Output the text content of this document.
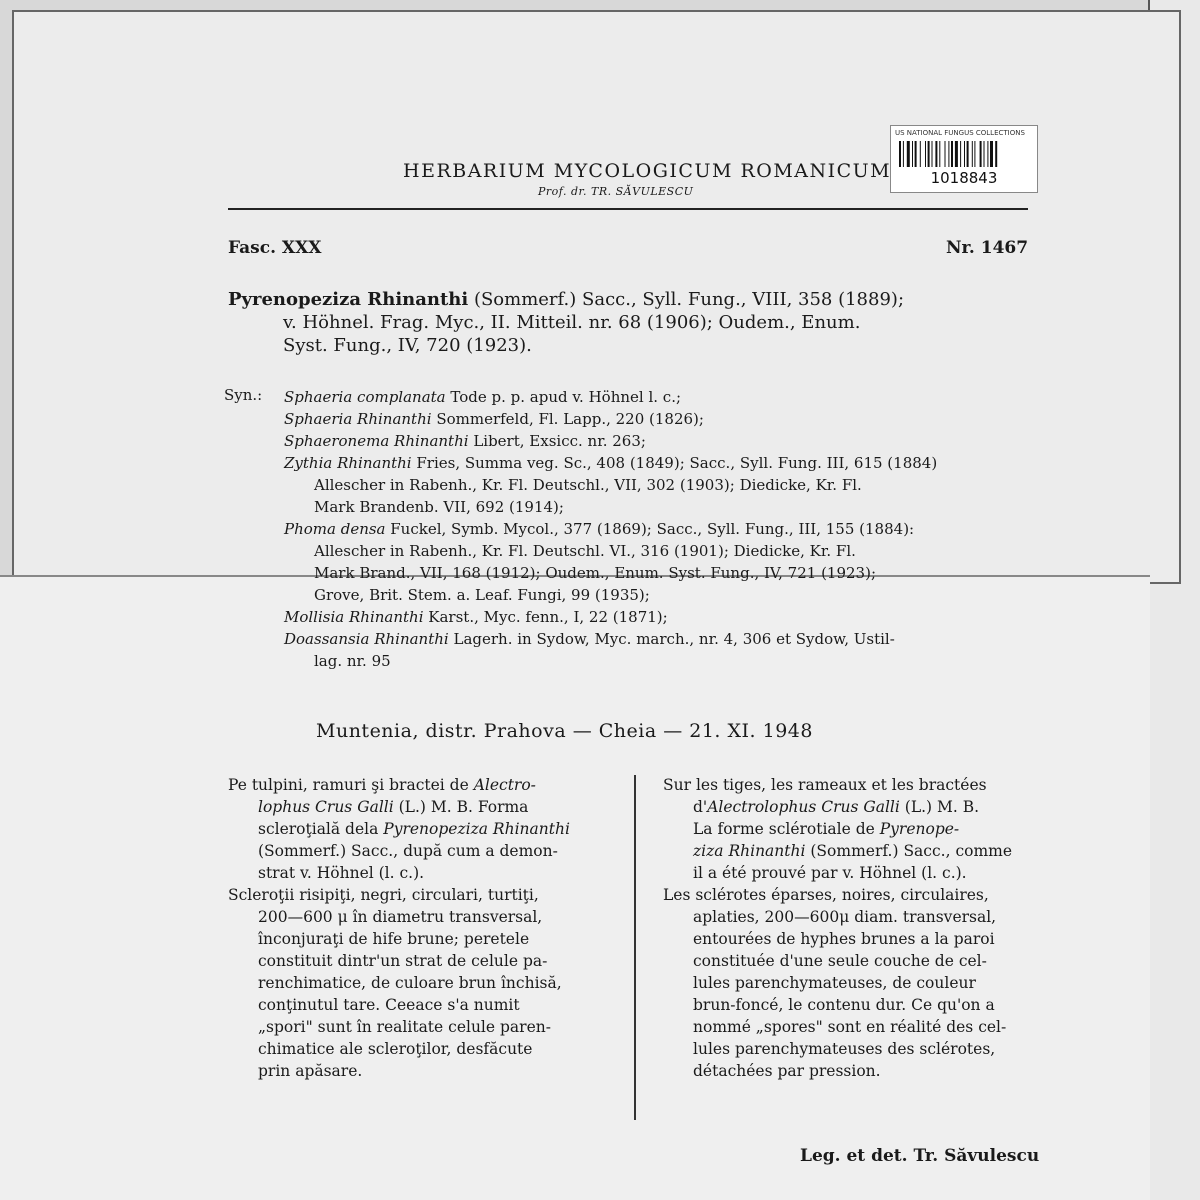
US NATIONAL FUNGUS COLLECTIONS
1018843
HERBARIUM MYCOLOGICUM ROMANICUM
Prof. dr. TR. SĂVULESCU
Fasc. XXX	Nr. 1467
Pyrenopeziza Rhinanthi (Sommerf.) Sacc., Syll. Fung., VIII, 358 (1889);
v. Höhnel. Frag. Myc., II. Mitteil. nr. 68 (1906); Oudem., Enum.
Syst. Fung., IV, 720 (1923).
Syn.: Sphaeria complanata Tode p. p. apud v. Höhnel l. c.;
Sphaeria Rhinanthi Sommerfeld, Fl. Lapp., 220 (1826);
Sphaeronema Rhinanthi Libert, Exsicc. nr. 263;
Zythia Rhinanthi Fries, Summa veg. Sc., 408 (1849); Sacc., Syll. Fung. III, 615 (1884)
Allescher in Rabenh., Kr. Fl. Deutschl., VII, 302 (1903); Diedicke, Kr. Fl.
Mark Brandenb. VII, 692 (1914);
Phoma densa Fuckel, Symb. Mycol., 377 (1869); Sacc., Syll. Fung., III, 155 (1884):
Allescher in Rabenh., Kr. Fl. Deutschl. VI., 316 (1901); Diedicke, Kr. Fl.
Mark Brand., VII, 168 (1912); Oudem., Enum. Syst. Fung., IV, 721 (1923);
Grove, Brit. Stem. a. Leaf. Fungi, 99 (1935);
Mollisia Rhinanthi Karst., Myc. fenn., I, 22 (1871);
Doassansia Rhinanthi Lagerh. in Sydow, Myc. march., nr. 4, 306 et Sydow, Ustil-
lag. nr. 95
Muntenia, distr. Prahova — Cheia — 21. XI. 1948
Pe tulpini, ramuri şi bractei de Alectro-
lophus Crus Galli (L.) M. B. Forma
scleroţială dela Pyrenopeziza Rhinanthi
(Sommerf.) Sacc., după cum a demon-
strat v. Höhnel (l. c.).
Scleroţii risipiţi, negri, circulari, turtiţi,
200—600 μ în diametru transversal,
înconjuraţi de hife brune; peretele
constituit dintr'un strat de celule pa-
renchimatice, de culoare brun închisă,
conţinutul tare. Ceeace s'a numit
„spori" sunt în realitate celule paren-
chimatice ale scleroţilor, desfăcute
prin apăsare.
Sur les tiges, les rameaux et les bractées
d'Alectrolophus Crus Galli (L.) M. B.
La forme sclérotiale de Pyrenope-
ziza Rhinanthi (Sommerf.) Sacc., comme
il a été prouvé par v. Höhnel (l. c.).
Les sclérotes éparses, noires, circulaires,
aplaties, 200—600μ diam. transversal,
entourées de hyphes brunes a la paroi
constituée d'une seule couche de cel-
lules parenchymateuses, de couleur
brun-foncé, le contenu dur. Ce qu'on a
nommé „spores" sont en réalité des cel-
lules parenchymateuses des sclérotes,
détachées par pression.
Leg. et det. Tr. Săvulescu
